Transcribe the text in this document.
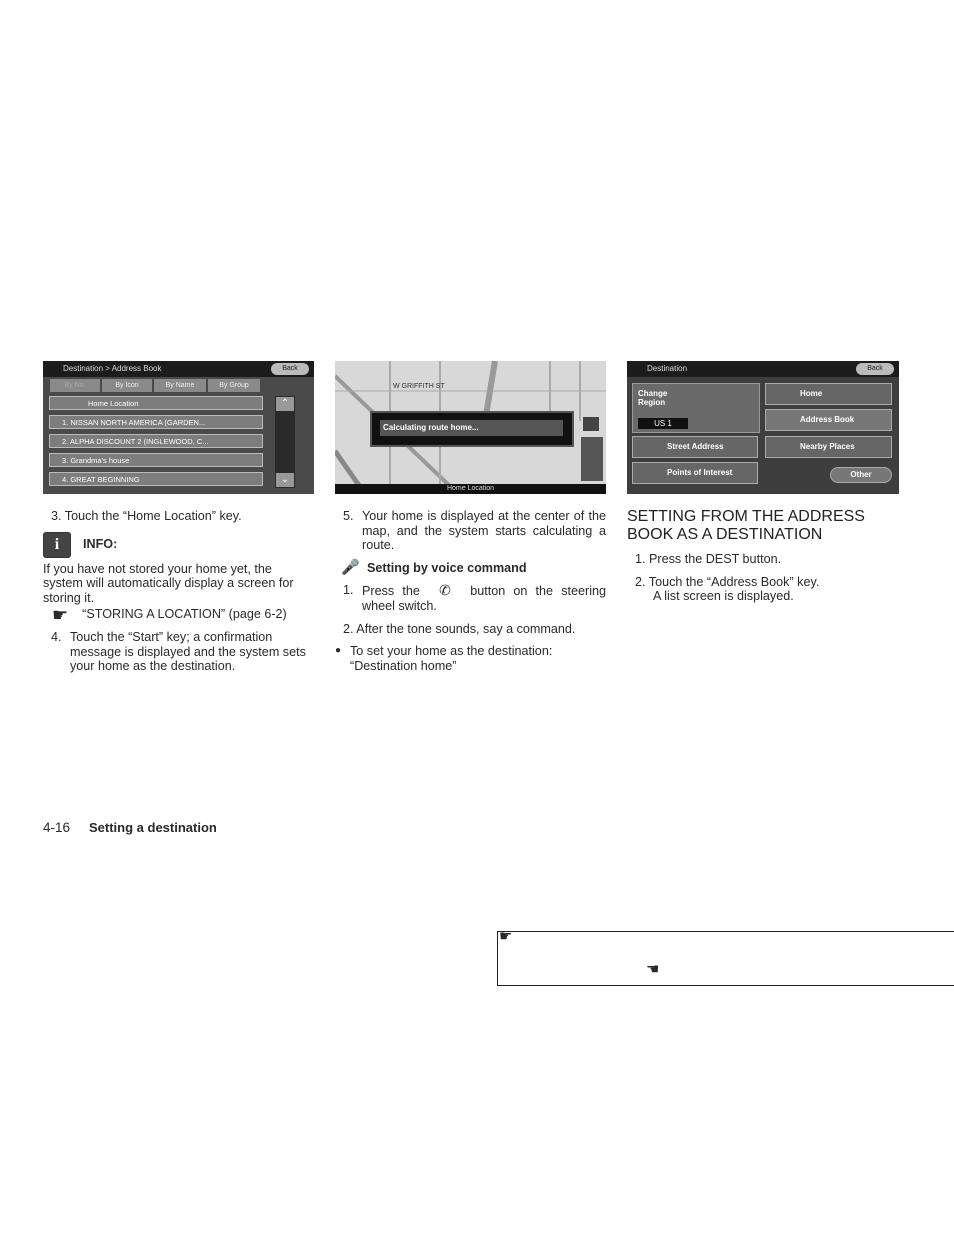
Destination > Address Book	Back
By No.	By Icon	By Name	By Group
Home Location
1. NISSAN NORTH AMERICA (GARDEN...
2. ALPHA DISCOUNT 2 (INGLEWOOD, C...
3. Grandma's house
4. GREAT BEGINNING
⌃
⌄
W GRIFFITH ST
Calculating route home...
Home Location
Destination	Back
Change Region
US 1
Home
Address Book
Street Address	Nearby Places
Points of Interest	Other
3. Touch the “Home Location” key.
i	INFO:
If you have not stored your home yet, the system will automatically display a screen for storing it.
☛ “STORING A LOCATION” (page 6-2)
4. Touch the “Start” key; a confirmation message is displayed and the system sets your home as the destination.
5. Your home is displayed at the center of the map, and the system starts calculating a route.
🎤 Setting by voice command
1. Press the ✆ button on the steering wheel switch.
2. After the tone sounds, say a command.
● To set your home as the destination: “Destination home”
SETTING FROM THE ADDRESS BOOK AS A DESTINATION
1. Press the DEST button.
2. Touch the “Address Book” key.
A list screen is displayed.
4-16 Setting a destination
☛
☚
